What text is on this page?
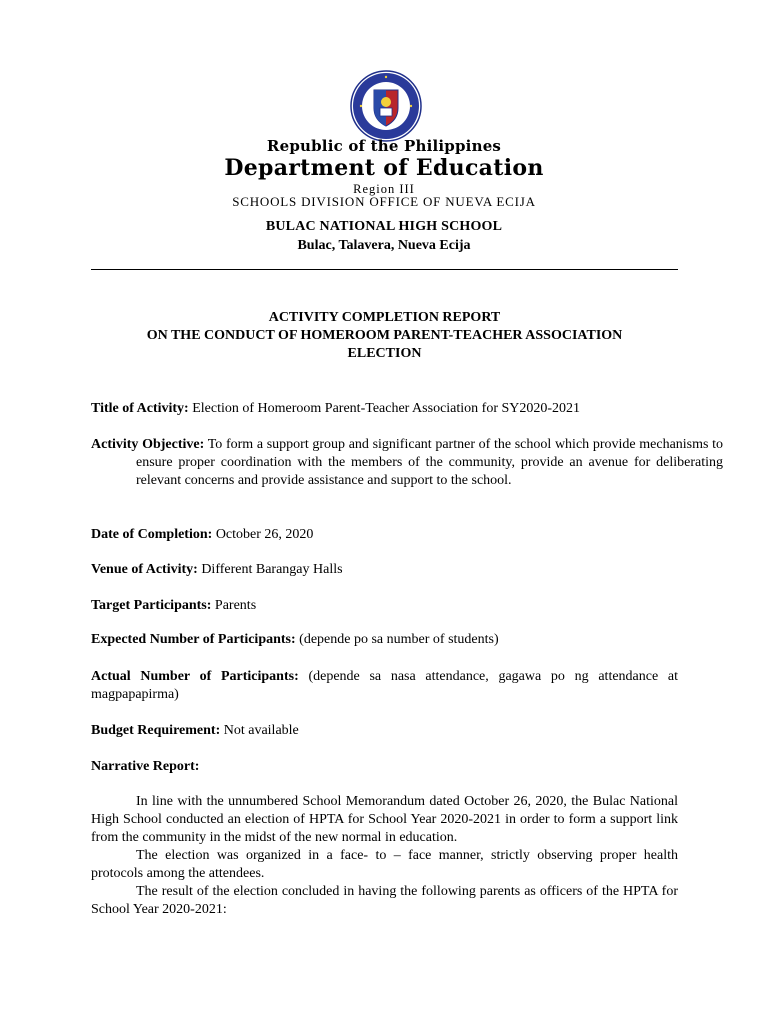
Republic of the Philippines
Department of Education
Region III
SCHOOLS DIVISION OFFICE OF NUEVA ECIJA
BULAC NATIONAL HIGH SCHOOL
Bulac, Talavera, Nueva Ecija
ACTIVITY COMPLETION REPORT
ON THE CONDUCT OF HOMEROOM PARENT-TEACHER ASSOCIATION
ELECTION
Title of Activity: Election of Homeroom Parent-Teacher Association for SY2020-2021
Activity Objective: To form a support group and significant partner of the school which provide mechanisms to ensure proper coordination with the members of the community, provide an avenue for deliberating relevant concerns and provide assistance and support to the school.
Date of Completion: October 26, 2020
Venue of Activity: Different Barangay Halls
Target Participants: Parents
Expected Number of Participants: (depende po sa number of students)
Actual Number of Participants: (depende sa nasa attendance, gagawa po ng attendance at magpapapirma)
Budget Requirement: Not available
Narrative Report:

In line with the unnumbered School Memorandum dated October 26, 2020, the Bulac National High School conducted an election of HPTA for School Year 2020-2021 in order to form a support link from the community in the midst of the new normal in education.

The election was organized in a face- to – face manner, strictly observing proper health protocols among the attendees.

The result of the election concluded in having the following parents as officers of the HPTA for School Year 2020-2021:
